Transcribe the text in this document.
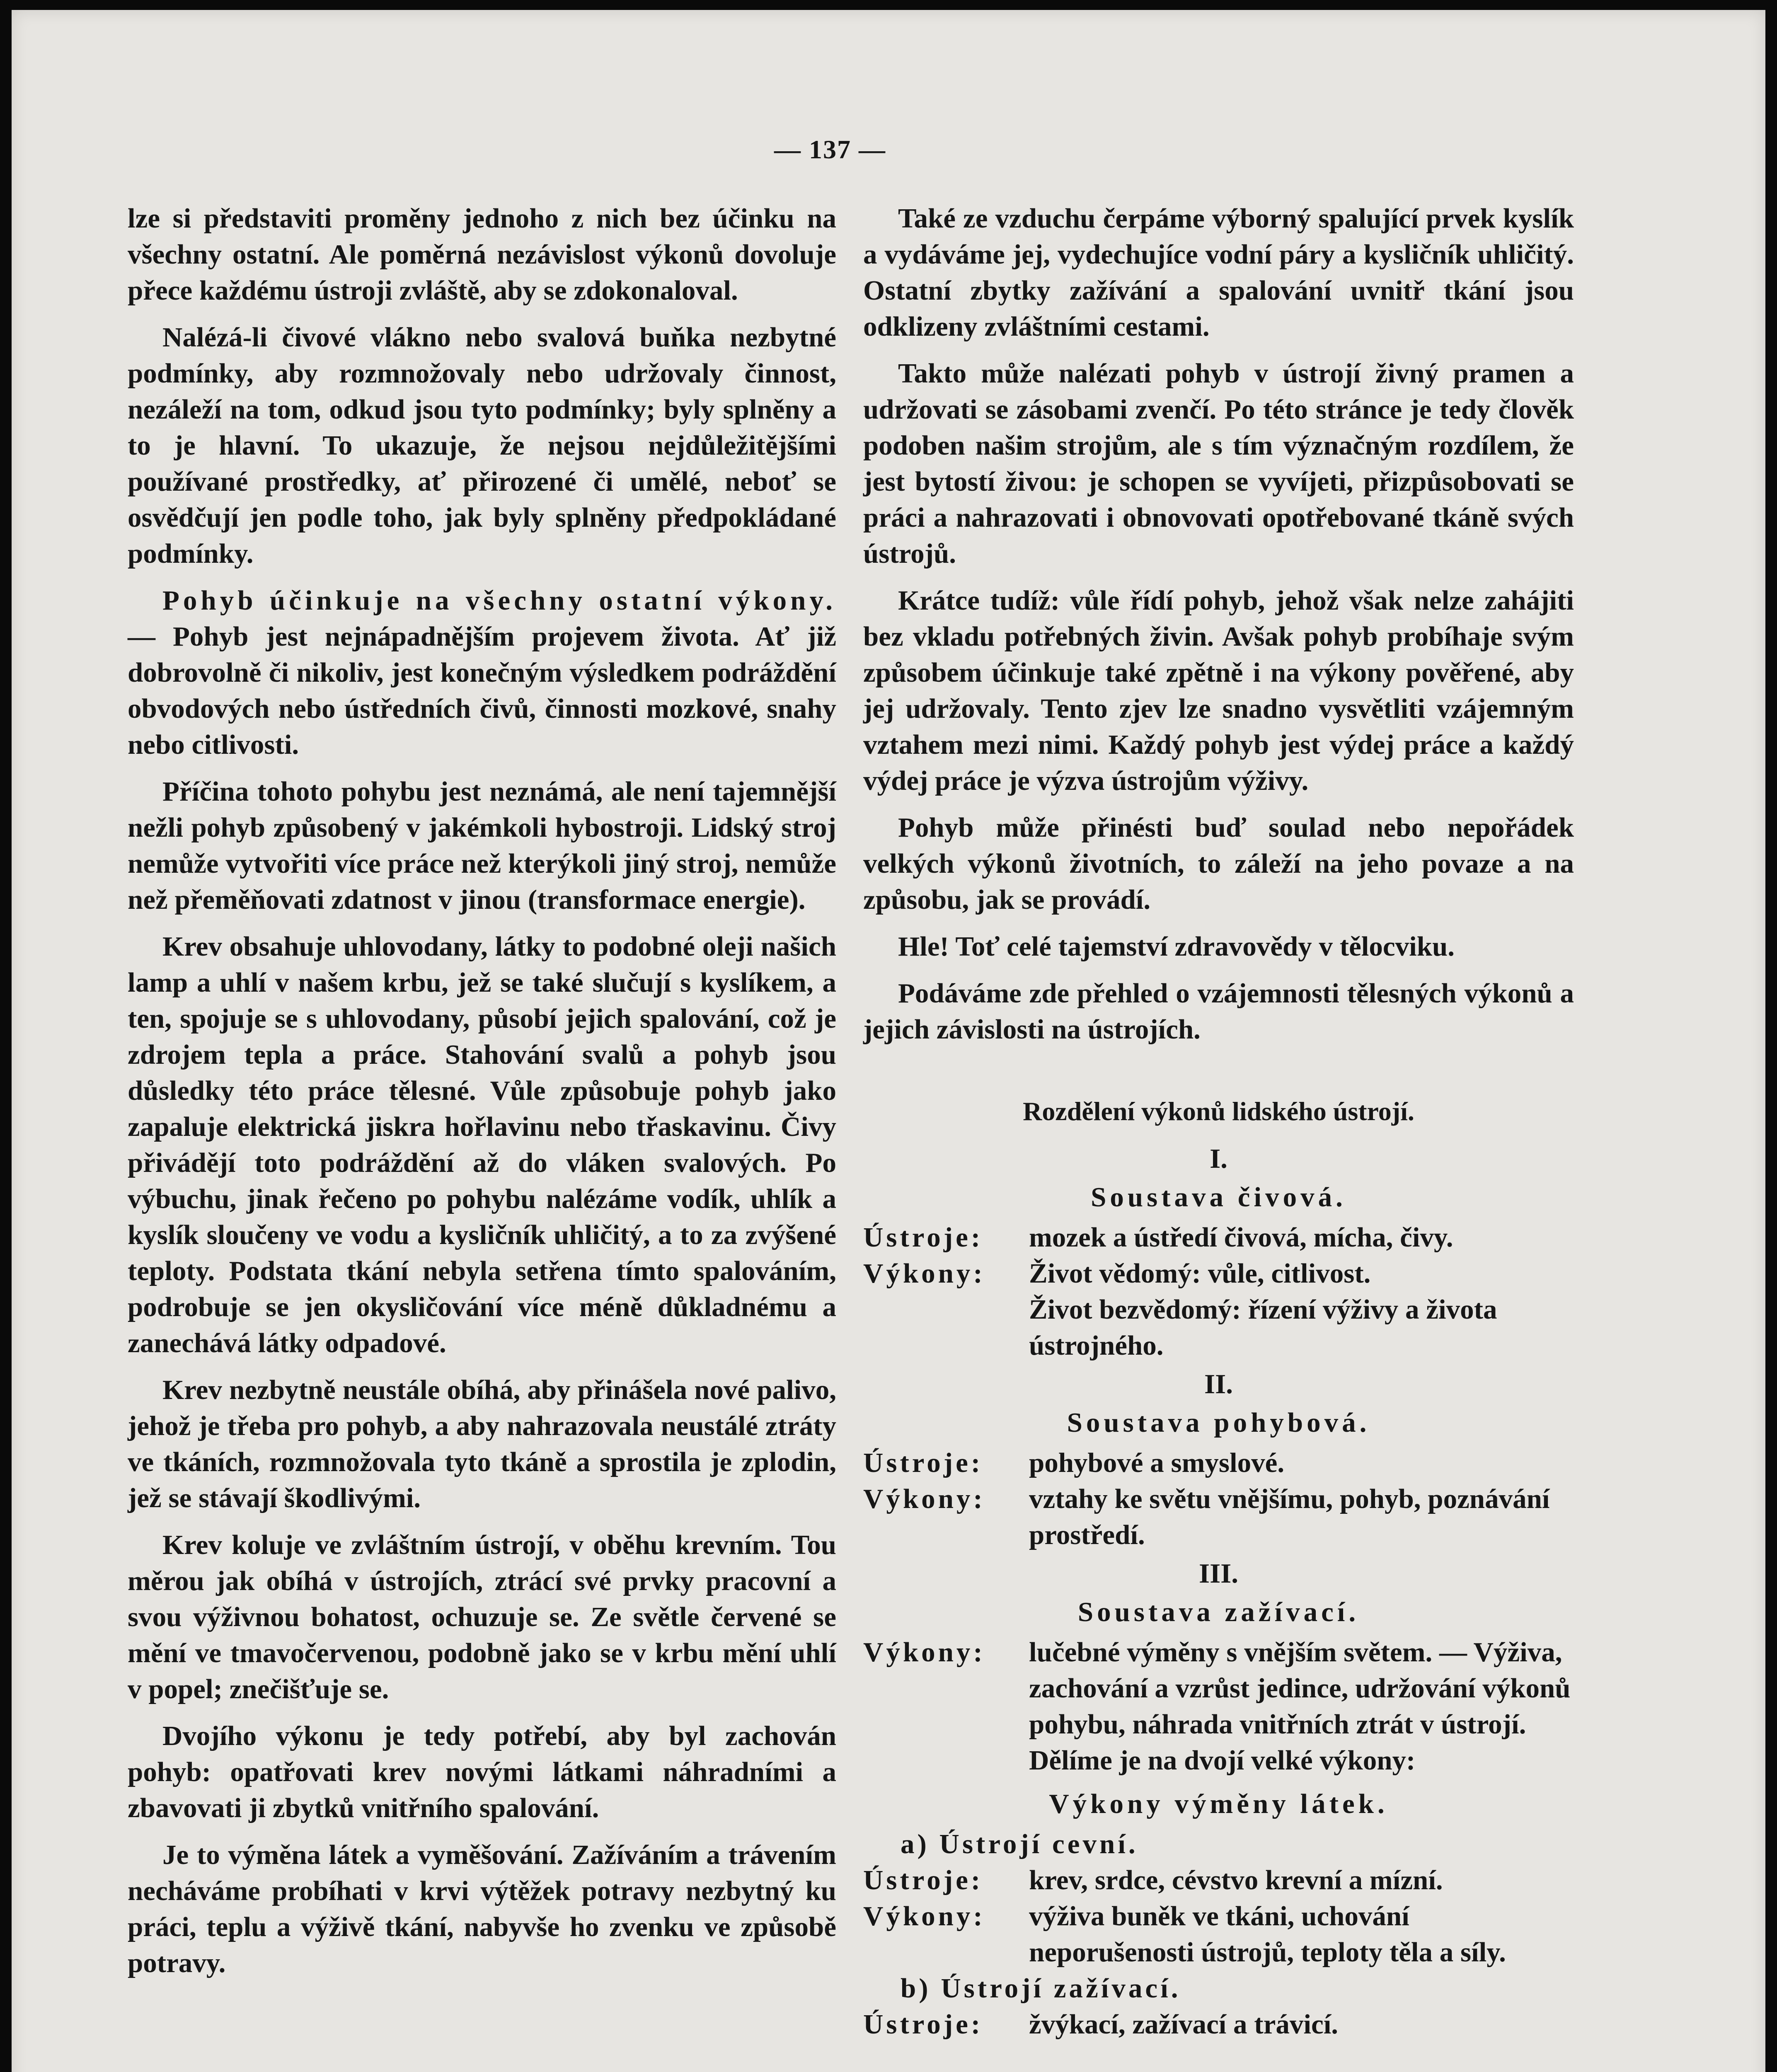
— 137 —

lze si představiti proměny jednoho z nich bez účinku na všechny ostatní. Ale poměrná nezávislost výkonů dovoluje přece každému ústroji zvláště, aby se zdokonaloval.

Nalézá-li čivové vlákno nebo svalová buňka nezbytné podmínky, aby rozmnožovaly nebo udržovaly činnost, nezáleží na tom, odkud jsou tyto podmínky; byly splněny a to je hlavní. To ukazuje, že nejsou nejdůležitějšími používané prostředky, ať přirozené či umělé, neboť se osvědčují jen podle toho, jak byly splněny předpokládané podmínky.

Pohyb účinkuje na všechny ostatní výkony. — Pohyb jest nejnápadnějším projevem života. Ať již dobrovolně či nikoliv, jest konečným výsledkem podráždění obvodových nebo ústředních čivů, činnosti mozkové, snahy nebo citlivosti.

Příčina tohoto pohybu jest neznámá, ale není tajemnější nežli pohyb způsobený v jakémkoli hybostroji. Lidský stroj nemůže vytvořiti více práce než kterýkoli jiný stroj, nemůže než přeměňovati zdatnost v jinou (transformace energie).

Krev obsahuje uhlovodany, látky to podobné oleji našich lamp a uhlí v našem krbu, jež se také slučují s kyslíkem, a ten, spojuje se s uhlovodany, působí jejich spalování, což je zdrojem tepla a práce. Stahování svalů a pohyb jsou důsledky této práce tělesné. Vůle způsobuje pohyb jako zapaluje elektrická jiskra hořlavinu nebo třaskavinu. Čivy přivádějí toto podráždění až do vláken svalových. Po výbuchu, jinak řečeno po pohybu nalézáme vodík, uhlík a kyslík sloučeny ve vodu a kysličník uhličitý, a to za zvýšené teploty. Podstata tkání nebyla setřena tímto spalováním, podrobuje se jen okysličování více méně důkladnému a zanechává látky odpadové.

Krev nezbytně neustále obíhá, aby přinášela nové palivo, jehož je třeba pro pohyb, a aby nahrazovala neustálé ztráty ve tkáních, rozmnožovala tyto tkáně a sprostila je zplodin, jež se stávají škodlivými.

Krev koluje ve zvláštním ústrojí, v oběhu krevním. Tou měrou jak obíhá v ústrojích, ztrácí své prvky pracovní a svou výživnou bohatost, ochuzuje se. Ze světle červené se mění ve tmavočervenou, podobně jako se v krbu mění uhlí v popel; znečišťuje se.

Dvojího výkonu je tedy potřebí, aby byl zachován pohyb: opatřovati krev novými látkami náhradními a zbavovati ji zbytků vnitřního spalování.

Je to výměna látek a vyměšování. Zažíváním a trávením necháváme probíhati v krvi výtěžek potravy nezbytný ku práci, teplu a výživě tkání, nabyvše ho zvenku ve způsobě potravy.

Také ze vzduchu čerpáme výborný spalující prvek kyslík a vydáváme jej, vydechujíce vodní páry a kysličník uhličitý. Ostatní zbytky zažívání a spalování uvnitř tkání jsou odklizeny zvláštními cestami.

Takto může nalézati pohyb v ústrojí živný pramen a udržovati se zásobami zvenčí. Po této stránce je tedy člověk podoben našim strojům, ale s tím význačným rozdílem, že jest bytostí živou: je schopen se vyvíjeti, přizpůsobovati se práci a nahrazovati i obnovovati opotřebované tkáně svých ústrojů.

Krátce tudíž: vůle řídí pohyb, jehož však nelze zahájiti bez vkladu potřebných živin. Avšak pohyb probíhaje svým způsobem účinkuje také zpětně i na výkony pověřené, aby jej udržovaly. Tento zjev lze snadno vysvětliti vzájemným vztahem mezi nimi. Každý pohyb jest výdej práce a každý výdej práce je výzva ústrojům výživy.

Pohyb může přinésti buď soulad nebo nepořádek velkých výkonů životních, to záleží na jeho povaze a na způsobu, jak se provádí.

Hle! Toť celé tajemství zdravovědy v tělocviku.

Podáváme zde přehled o vzájemnosti tělesných výkonů a jejich závislosti na ústrojích.

Rozdělení výkonů lidského ústrojí.
I.
Soustava čivová.
Ústroje:	mozek a ústředí čivová, mícha, čivy.
Výkony:	Život vědomý: vůle, citlivost.
Život bezvědomý: řízení výživy a života ústrojného.
II.
Soustava pohybová.
Ústroje:	pohybové a smyslové.
Výkony:	vztahy ke světu vnějšímu, pohyb, poznávání prostředí.
III.
Soustava zažívací.
Výkony:	lučebné výměny s vnějším světem. — Výživa, zachování a vzrůst jedince, udržování výkonů pohybu, náhrada vnitřních ztrát v ústrojí. Dělíme je na dvojí velké výkony:
Výkony výměny látek.
a) Ústrojí cevní.
Ústroje:	krev, srdce, cévstvo krevní a mízní.
Výkony:	výživa buněk ve tkáni, uchování neporušenosti ústrojů, teploty těla a síly.
b) Ústrojí zažívací.
Ústroje:	žvýkací, zažívací a trávicí.
